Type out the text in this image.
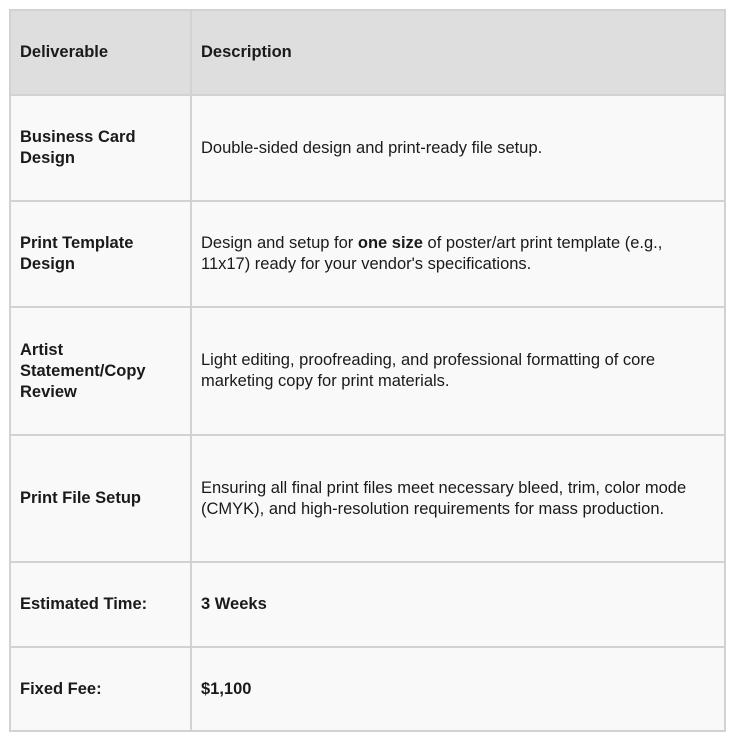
Deliverable	Description
Business Card Design	Double-sided design and print-ready file setup.
Print Template Design	Design and setup for one size of poster/art print template (e.g., 11x17) ready for your vendor's specifications.
Artist Statement/Copy Review	Light editing, proofreading, and professional formatting of core marketing copy for print materials.
Print File Setup	Ensuring all final print files meet necessary bleed, trim, color mode (CMYK), and high-resolution requirements for mass production.
Estimated Time:	3 Weeks
Fixed Fee:	$1,100
